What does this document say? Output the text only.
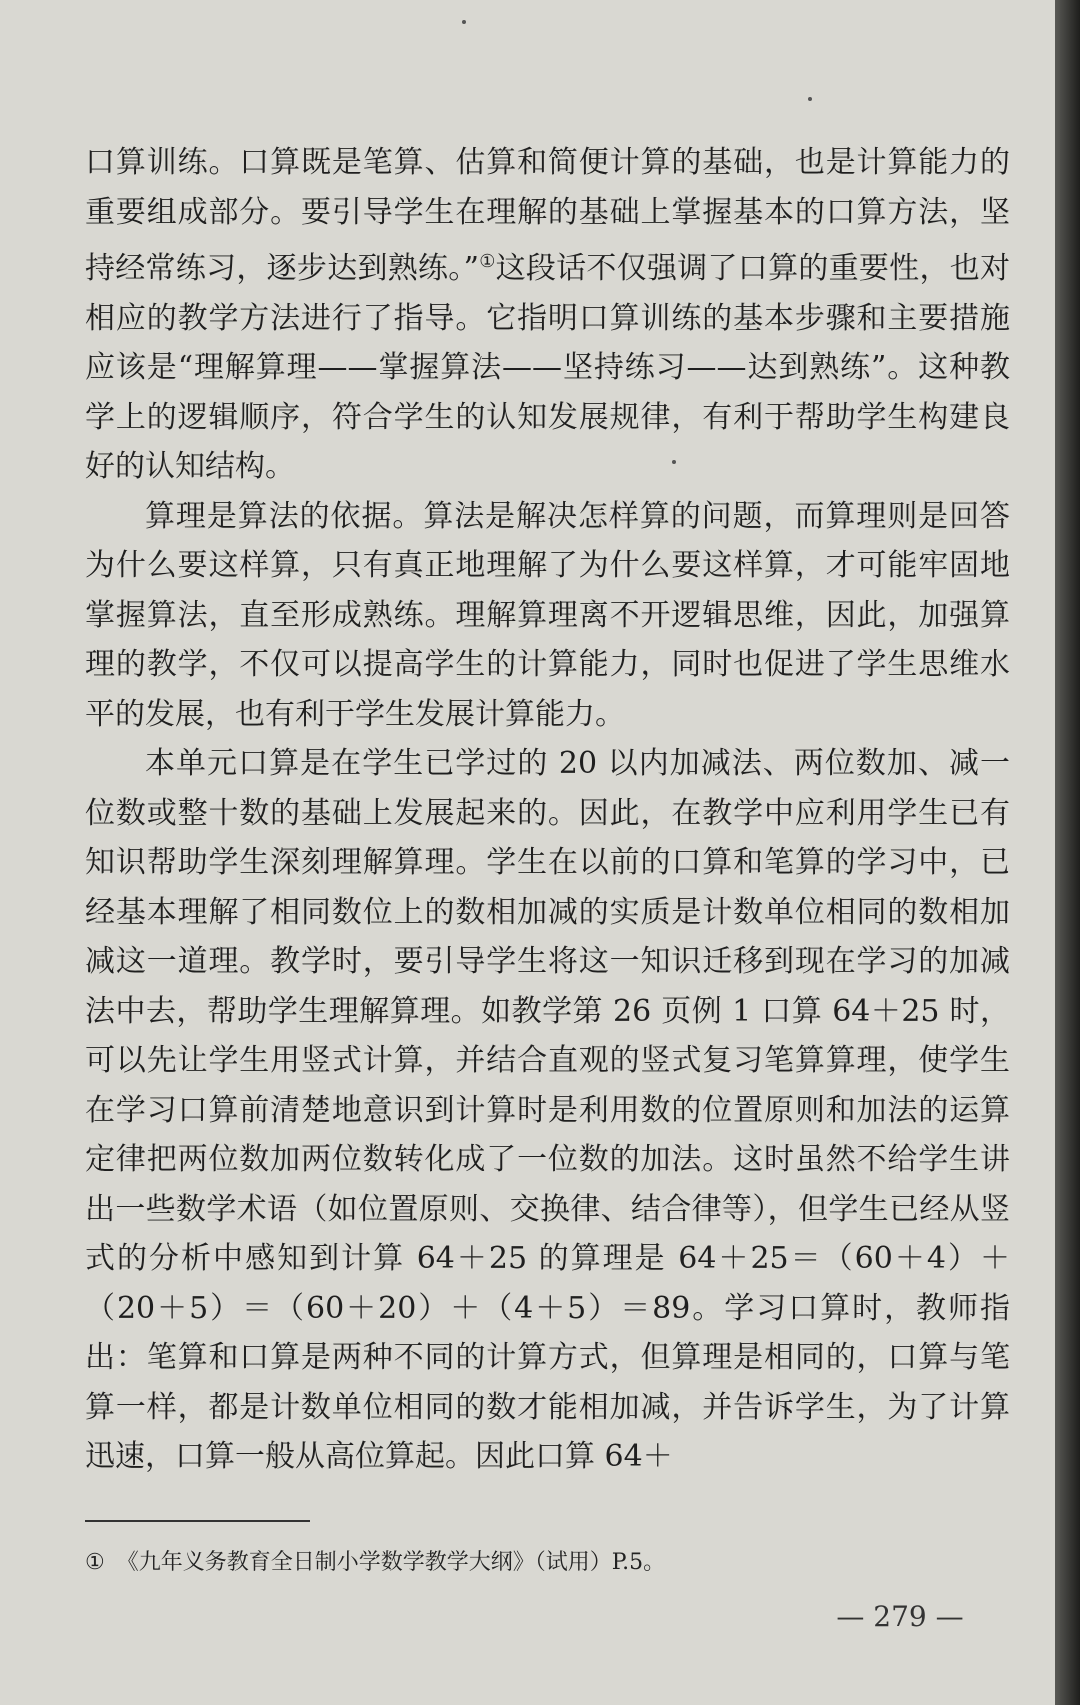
口算训练。口算既是笔算、估算和简便计算的基础，也是计算能力的重要组成部分。要引导学生在理解的基础上掌握基本的口算方法，坚持经常练习，逐步达到熟练。”①这段话不仅强调了口算的重要性，也对相应的教学方法进行了指导。它指明口算训练的基本步骤和主要措施应该是“理解算理——掌握算法——坚持练习——达到熟练”。这种教学上的逻辑顺序，符合学生的认知发展规律，有利于帮助学生构建良好的认知结构。

算理是算法的依据。算法是解决怎样算的问题，而算理则是回答为什么要这样算，只有真正地理解了为什么要这样算，才可能牢固地掌握算法，直至形成熟练。理解算理离不开逻辑思维，因此，加强算理的教学，不仅可以提高学生的计算能力，同时也促进了学生思维水平的发展，也有利于学生发展计算能力。

本单元口算是在学生已学过的 20 以内加减法、两位数加、减一位数或整十数的基础上发展起来的。因此，在教学中应利用学生已有知识帮助学生深刻理解算理。学生在以前的口算和笔算的学习中，已经基本理解了相同数位上的数相加减的实质是计数单位相同的数相加减这一道理。教学时，要引导学生将这一知识迁移到现在学习的加减法中去，帮助学生理解算理。如教学第 26 页例 1 口算 64＋25 时，可以先让学生用竖式计算，并结合直观的竖式复习笔算算理，使学生在学习口算前清楚地意识到计算时是利用数的位置原则和加法的运算定律把两位数加两位数转化成了一位数的加法。这时虽然不给学生讲出一些数学术语（如位置原则、交换律、结合律等），但学生已经从竖式的分析中感知到计算 64＋25 的算理是 64＋25＝（60＋4）＋（20＋5）＝（60＋20）＋（4＋5）＝89。学习口算时，教师指出：笔算和口算是两种不同的计算方式，但算理是相同的，口算与笔算一样，都是计数单位相同的数才能相加减，并告诉学生，为了计算迅速，口算一般从高位算起。因此口算 64＋

① 《九年义务教育全日制小学数学教学大纲》（试用）P.5。
— 279 —
